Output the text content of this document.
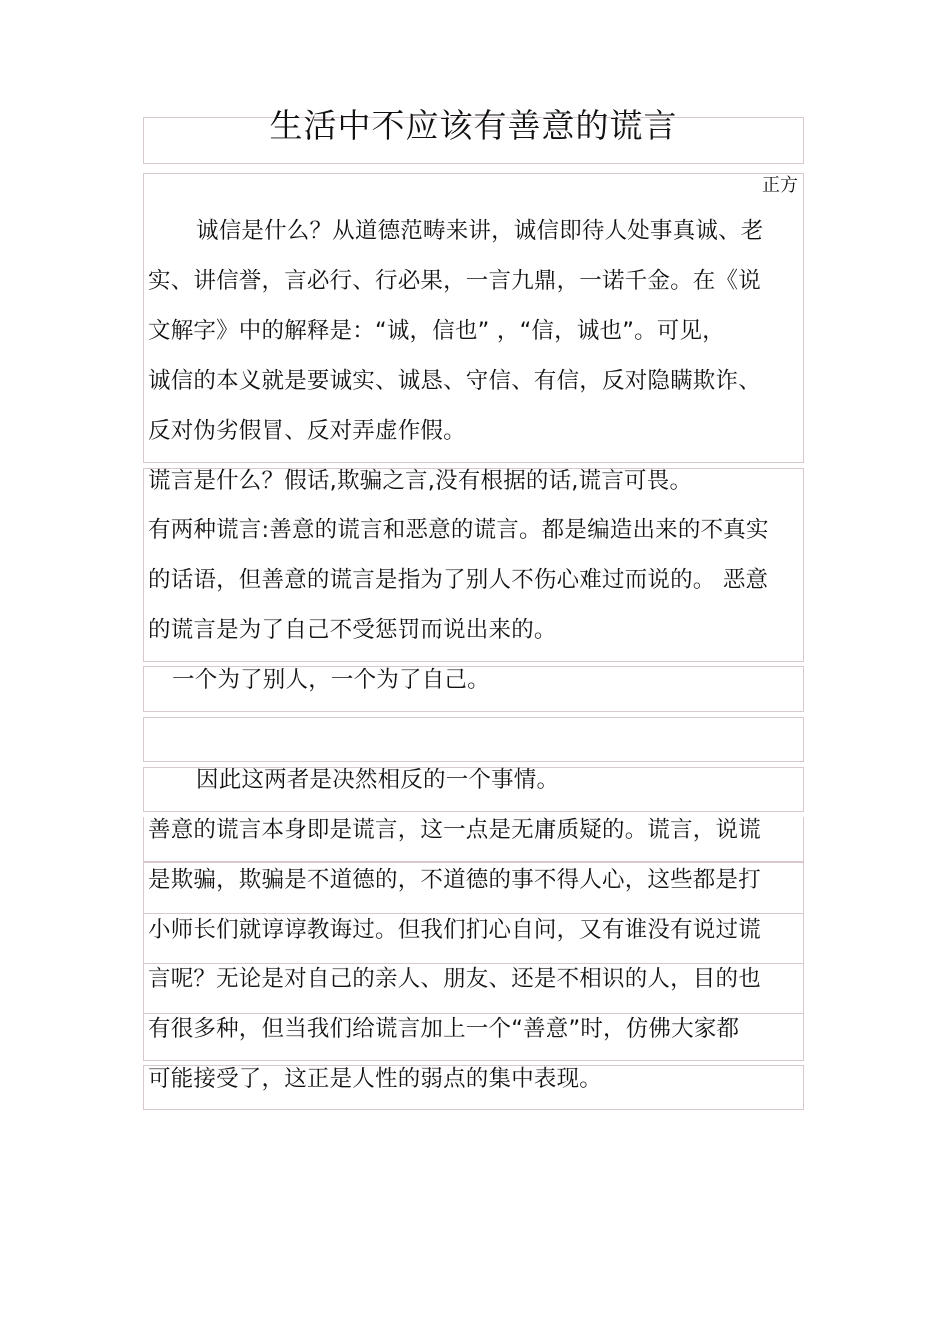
生活中不应该有善意的谎言
正方
诚信是什么？从道德范畴来讲，诚信即待人处事真诚、老
实、讲信誉，言必行、行必果，一言九鼎，一诺千金。在《说
文解字》中的解释是：“诚，信也” ，“信，诚也”。可见，
诚信的本义就是要诚实、诚恳、守信、有信，反对隐瞒欺诈、
反对伪劣假冒、反对弄虚作假。
谎言是什么？假话,欺骗之言,没有根据的话,谎言可畏。
有两种谎言:善意的谎言和恶意的谎言。都是编造出来的不真实
的话语，但善意的谎言是指为了别人不伤心难过而说的。 恶意
的谎言是为了自己不受惩罚而说出来的。
一个为了别人，一个为了自己。
因此这两者是决然相反的一个事情。
善意的谎言本身即是谎言，这一点是无庸质疑的。谎言，说谎
是欺骗，欺骗是不道德的，不道德的事不得人心，这些都是打
小师长们就谆谆教诲过。但我们扪心自问，又有谁没有说过谎
言呢？无论是对自己的亲人、朋友、还是不相识的人，目的也
有很多种，但当我们给谎言加上一个“善意”时，仿佛大家都
可能接受了，这正是人性的弱点的集中表现。
